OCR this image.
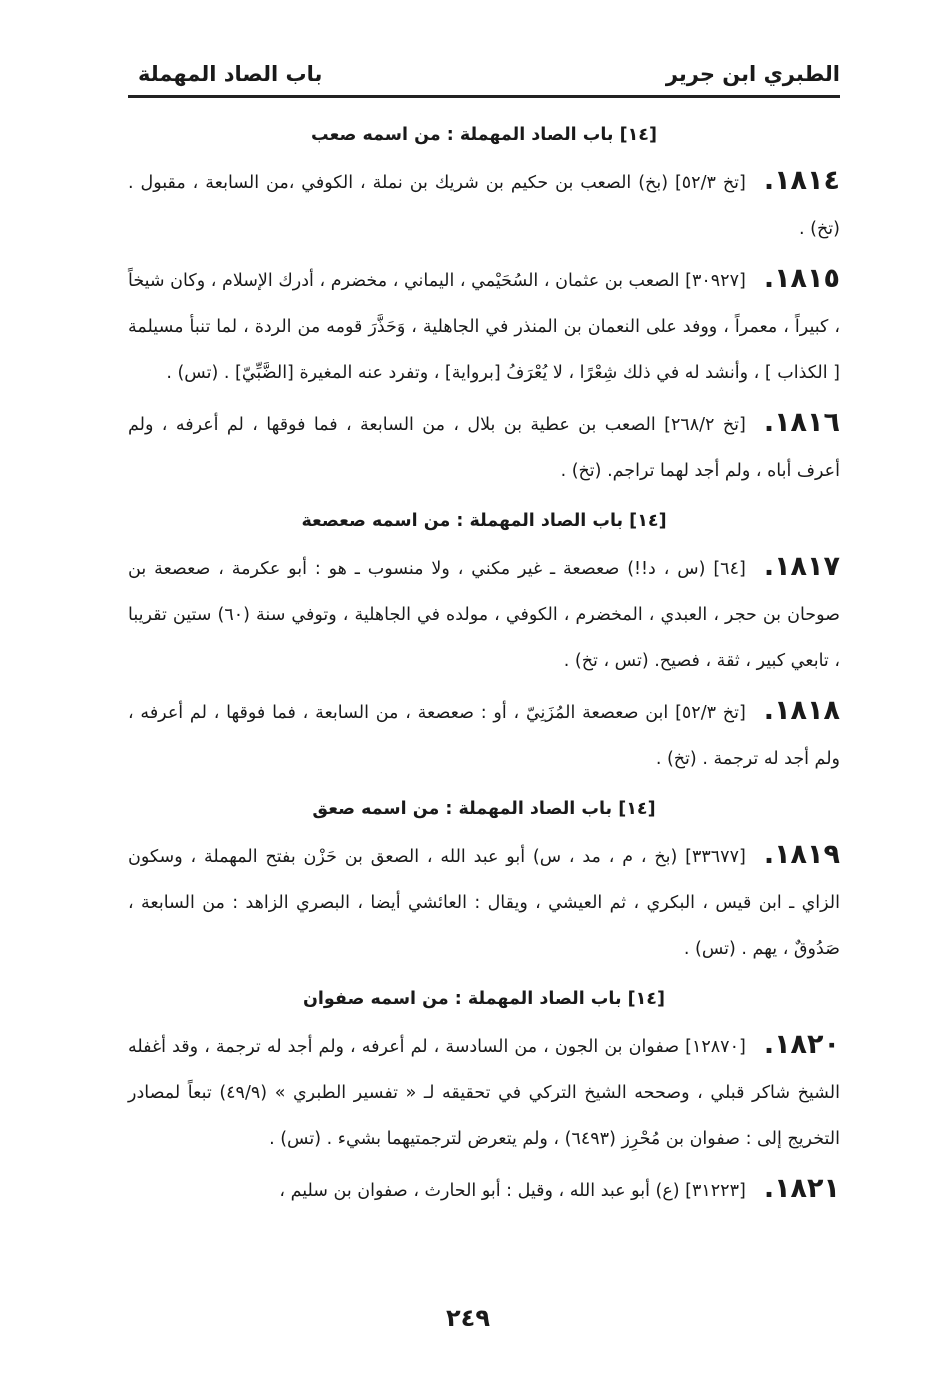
الطبري ابن جرير
باب الصاد المهملة
[١٤] باب الصاد المهملة : من اسمه صعب
١٨١٤.[تخ ٥٢/٣] (بخ) الصعب بن حكيم بن شريك بن نملة ، الكوفي ،من السابعة ، مقبول . (تخ) .
١٨١٥.[٣٠٩٢٧] الصعب بن عثمان ، السُحَيْمي ، اليماني ، مخضرم ، أدرك الإسلام ، وكان شيخاً ، كبيراً ، معمراً ، ووفد على النعمان بن المنذر في الجاهلية ، وَحَذَّرَ قومه من الردة ، لما تنبأ مسيلمة [ الكذاب ] ، وأنشد له في ذلك شِعْرًا ، لا يُعْرَفُ [برواية] ، وتفرد عنه المغيرة [الضَّبِّيّ] . (تس) .
١٨١٦.[تخ ٢٦٨/٢] الصعب بن عطية بن بلال ، من السابعة ، فما فوقها ، لم أعرفه ، ولم أعرف أباه ، ولم أجد لهما تراجم. (تخ) .
[١٤] باب الصاد المهملة : من اسمه صعصعة
١٨١٧.[٦٤] (س ، د!!) صعصعة ـ غير مكني ، ولا منسوب ـ هو : أبو عكرمة ، صعصعة بن صوحان بن حجر ، العبدي ، المخضرم ، الكوفي ، مولده في الجاهلية ، وتوفي سنة (٦٠) ستين تقريبا ، تابعي كبير ، ثقة ، فصيح. (تس ، تخ) .
١٨١٨.[تخ ٥٢/٣] ابن صعصعة المُزَنِيّ ، أو : صعصعة ، من السابعة ، فما فوقها ، لم أعرفه ، ولم أجد له ترجمة . (تخ) .
[١٤] باب الصاد المهملة : من اسمه صعق
١٨١٩.[٣٣٦٧٧] (بخ ، م ، مد ، س) أبو عبد الله ، الصعق بن حَزْن بفتح المهملة ، وسكون الزاي ـ ابن قيس ، البكري ، ثم العيشي ، ويقال : العائشي أيضا ، البصري الزاهد : من السابعة ، صَدُوقٌ ، يهم . (تس) .
[١٤] باب الصاد المهملة : من اسمه صفوان
١٨٢٠.[١٢٨٧٠] صفوان بن الجون ، من السادسة ، لم أعرفه ، ولم أجد له ترجمة ، وقد أغفله الشيخ شاكر قبلي ، وصححه الشيخ التركي في تحقيقه لـ « تفسير الطبري » (٤٩/٩) تبعاً لمصادر التخريج إلى : صفوان بن مُحْرِز (٦٤٩٣) ، ولم يتعرض لترجمتيهما بشيء . (تس) .
١٨٢١.[٣١٢٢٣] (ع) أبو عبد الله ، وقيل : أبو الحارث ، صفوان بن سليم ،
٢٤٩
